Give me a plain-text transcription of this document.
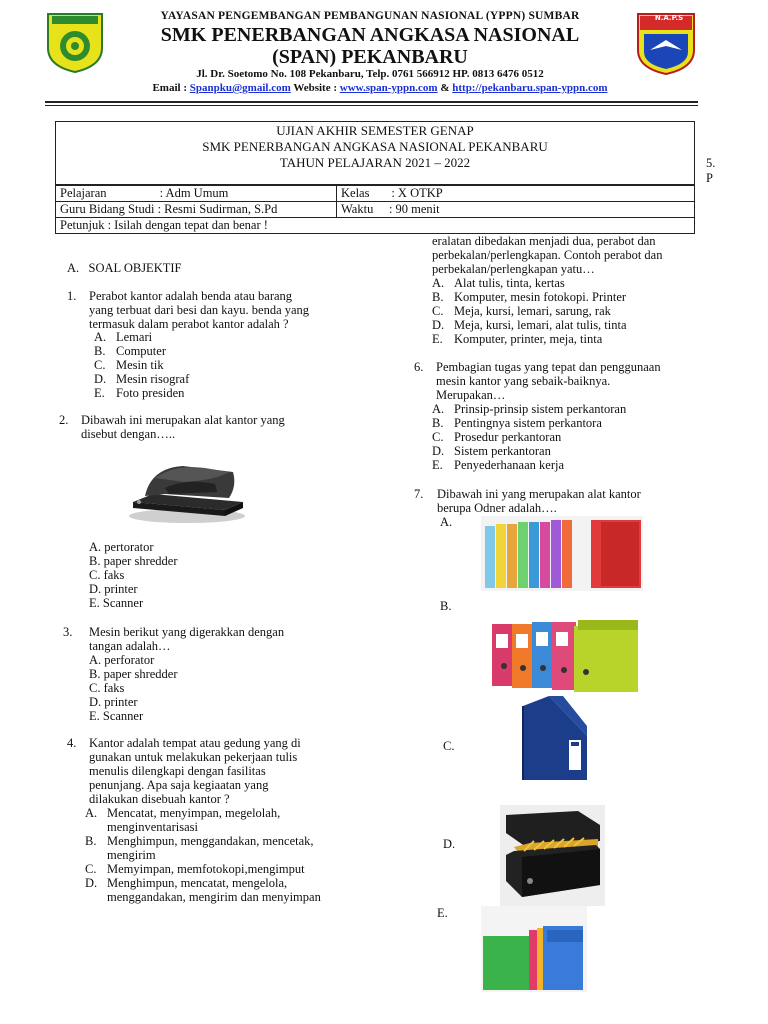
N.A.P.S
YAYASAN PENGEMBANGAN PEMBANGUNAN NASIONAL (YPPN) SUMBAR
SMK PENERBANGAN ANGKASA NASIONAL
(SPAN) PEKANBARU
Jl. Dr. Soetomo No. 108 Pekanbaru, Telp. 0761 566912 HP. 0813 6476 0512
Email : Spanpku@gmail.com Website : www.span-yppn.com & http://pekanbaru.span-yppn.com
UJIAN AKHIR SEMESTER GENAP
SMK PENERBANGAN ANGKASA NASIONAL PEKANBARU
TAHUN PELAJARAN 2021 – 2022
Pelajaran                 : Adm Umum	Kelas       : X OTKP
Guru Bidang Studi : Resmi Sudirman, S.Pd	Waktu     : 90 menit
Petunjuk : Isilah dengan tepat dan benar !	
5.
P
A.   SOAL OBJEKTIF
1. Perabot kantor adalah benda atau barang
yang terbuat dari besi dan kayu. benda yang
termasuk dalam perabot kantor adalah ?
A. Lemari
B. Computer
C. Mesin tik
D. Mesin risograf
E. Foto presiden
2. Dibawah ini merupakan alat kantor yang
disebut dengan…..
A. pertorator
B. paper shredder
C. faks
D. printer
E. Scanner
3. Mesin berikut yang digerakkan dengan
tangan adalah…
A. perforator
B. paper shredder
C. faks
D. printer
E. Scanner
4. Kantor adalah tempat atau gedung yang di
gunakan untuk melakukan pekerjaan tulis
menulis dilengkapi dengan fasilitas
penunjang. Apa saja kegiaatan yang
dilakukan disebuah kantor ?
A. Mencatat, menyimpan, megelolah,
menginventarisasi
B. Menghimpun, menggandakan, mencetak,
mengirim
C. Memyimpan, memfotokopi,mengimput
D. Menghimpun, mencatat, mengelola,
menggandakan, mengirim dan menyimpan
eralatan dibedakan menjadi dua, perabot dan
perbekalan/perlengkapan. Contoh perabot dan
perbekalan/perlengkapan yatu…
A. Alat tulis, tinta, kertas
B. Komputer, mesin fotokopi. Printer
C. Meja, kursi, lemari, sarung, rak
D. Meja, kursi, lemari, alat tulis, tinta
E. Komputer, printer, meja, tinta
6. Pembagian tugas yang tepat dan penggunaan
mesin kantor yang sebaik-baiknya.
Merupakan…
A. Prinsip-prinsip sistem perkantoran
B. Pentingnya sistem perkantora
C. Prosedur perkantoran
D. Sistem perkantoran
E. Penyederhanaan kerja
7. Dibawah ini yang merupakan alat kantor
berupa Odner adalah….
A.
B.
C.
D.
E.
